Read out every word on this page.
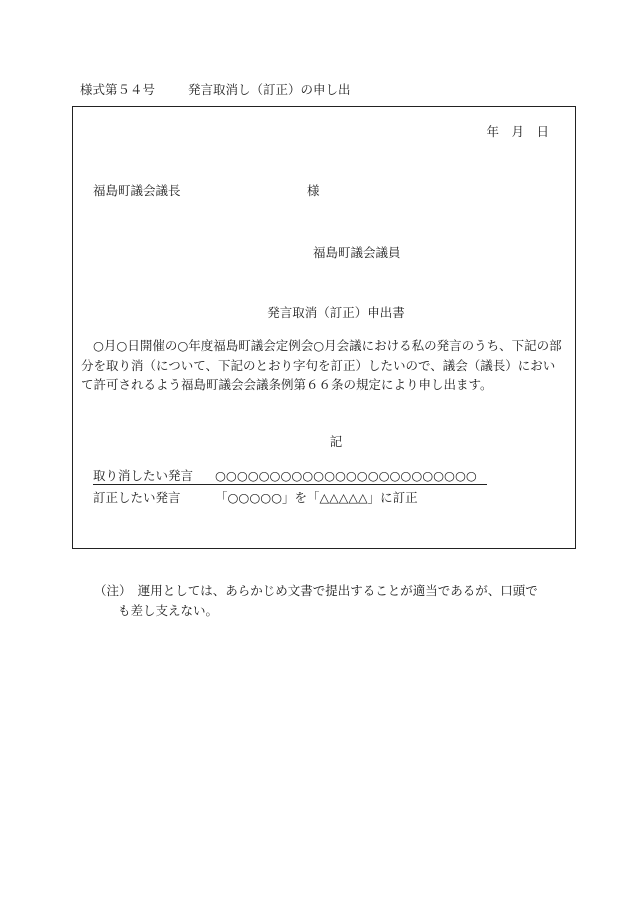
様式第５４号	発言取消し（訂正）の申し出
年　月　日
福島町議会議長	様
福島町議会議員
発言取消（訂正）申出書
○月○日開催の○年度福島町議会定例会○月会議における私の発言のうち、下記の部分を取り消（について、下記のとおり字句を訂正）したいので、議会（議長）において許可されるよう福島町議会会議条例第６６条の規定により申し出ます。
記
取り消したい発言 ○○○○○○○○○○○○○○○○○○○○○○○○
訂正したい発言	「○○○○○」を「△△△△△」に訂正
（注）　運用としては、あらかじめ文書で提出することが適当であるが、口頭で
も差し支えない。
